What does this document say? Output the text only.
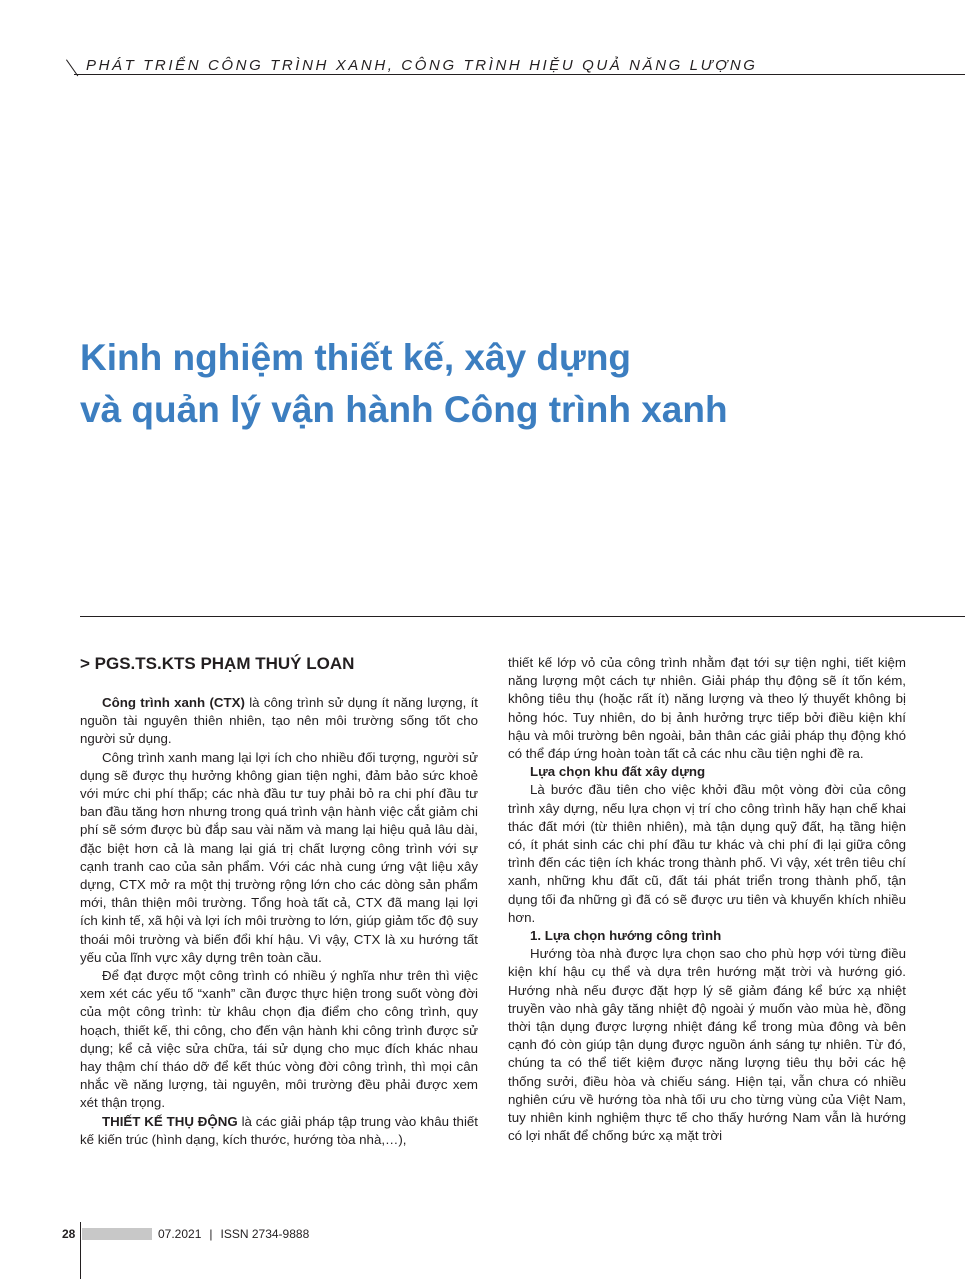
PHÁT TRIỂN CÔNG TRÌNH XANH, CÔNG TRÌNH HIỆU QUẢ NĂNG LƯỢNG
Kinh nghiệm thiết kế, xây dựng
và quản lý vận hành Công trình xanh
> PGS.TS.KTS PHẠM THUÝ LOAN

Công trình xanh (CTX) là công trình sử dụng ít năng lượng, ít nguồn tài nguyên thiên nhiên, tạo nên môi trường sống tốt cho người sử dụng.

Công trình xanh mang lại lợi ích cho nhiều đối tượng, người sử dụng sẽ được thụ hưởng không gian tiện nghi, đảm bảo sức khoẻ với mức chi phí thấp; các nhà đầu tư tuy phải bỏ ra chi phí đầu tư ban đầu tăng hơn nhưng trong quá trình vận hành việc cắt giảm chi phí sẽ sớm được bù đắp sau vài năm và mang lại hiệu quả lâu dài, đặc biệt hơn cả là mang lại giá trị chất lượng công trình với sự cạnh tranh cao của sản phẩm. Với các nhà cung ứng vật liệu xây dựng, CTX mở ra một thị trường rộng lớn cho các dòng sản phẩm mới, thân thiện môi trường. Tổng hoà tất cả, CTX đã mang lại lợi ích kinh tế, xã hội và lợi ích môi trường to lớn, giúp giảm tốc độ suy thoái môi trường và biến đổi khí hậu. Vì vậy, CTX là xu hướng tất yếu của lĩnh vực xây dựng trên toàn cầu.

Để đạt được một công trình có nhiều ý nghĩa như trên thì việc xem xét các yếu tố “xanh” cần được thực hiện trong suốt vòng đời của một công trình: từ khâu chọn địa điểm cho công trình, quy hoạch, thiết kế, thi công, cho đến vận hành khi công trình được sử dụng; kể cả việc sửa chữa, tái sử dụng cho mục đích khác nhau hay thậm chí tháo dỡ để kết thúc vòng đời công trình, thì mọi cân nhắc về năng lượng, tài nguyên, môi trường đều phải được xem xét thận trọng.

THIẾT KẾ THỤ ĐỘNG là các giải pháp tập trung vào khâu thiết kế kiến trúc (hình dạng, kích thước, hướng tòa nhà,…),

thiết kế lớp vỏ của công trình nhằm đạt tới sự tiện nghi, tiết kiệm năng lượng một cách tự nhiên. Giải pháp thụ động sẽ ít tốn kém, không tiêu thụ (hoặc rất ít) năng lượng và theo lý thuyết không bị hỏng hóc. Tuy nhiên, do bị ảnh hưởng trực tiếp bởi điều kiện khí hậu và môi trường bên ngoài, bản thân các giải pháp thụ động khó có thể đáp ứng hoàn toàn tất cả các nhu cầu tiện nghi đề ra.

Lựa chọn khu đất xây dựng

Là bước đầu tiên cho việc khởi đầu một vòng đời của công trình xây dựng, nếu lựa chọn vị trí cho công trình hãy hạn chế khai thác đất mới (từ thiên nhiên), mà tận dụng quỹ đất, hạ tầng hiện có, ít phát sinh các chi phí đầu tư khác và chi phí đi lại giữa công trình đến các tiện ích khác trong thành phố. Vì vậy, xét trên tiêu chí xanh, những khu đất cũ, đất tái phát triển trong thành phố, tận dụng tối đa những gì đã có sẽ được ưu tiên và khuyến khích nhiều hơn.

1. Lựa chọn hướng công trình

Hướng tòa nhà được lựa chọn sao cho phù hợp với từng điều kiện khí hậu cụ thể và dựa trên hướng mặt trời và hướng gió. Hướng nhà nếu được đặt hợp lý sẽ giảm đáng kể bức xạ nhiệt truyền vào nhà gây tăng nhiệt độ ngoài ý muốn vào mùa hè, đồng thời tận dụng được lượng nhiệt đáng kể trong mùa đông và bên cạnh đó còn giúp tận dụng được nguồn ánh sáng tự nhiên. Từ đó, chúng ta có thể tiết kiệm được năng lượng tiêu thụ bởi các hệ thống sưởi, điều hòa và chiếu sáng. Hiện tại, vẫn chưa có nhiều nghiên cứu về hướng tòa nhà tối ưu cho từng vùng của Việt Nam, tuy nhiên kinh nghiệm thực tế cho thấy hướng Nam vẫn là hướng có lợi nhất để chống bức xạ mặt trời

28	07.2021 | ISSN 2734-9888
